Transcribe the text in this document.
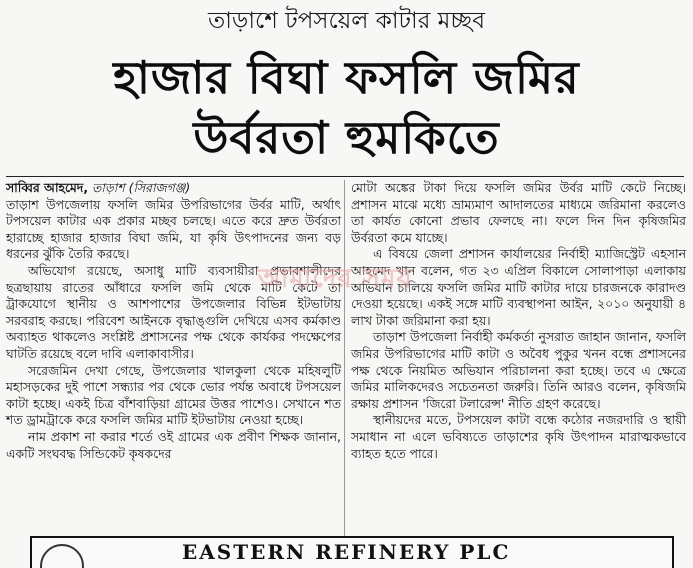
তাড়াশে টপসয়েল কাটার মচ্ছব
হাজার বিঘা ফসলি জমির
উর্বরতা হুমকিতে

সাব্বির আহমেদ, তাড়াশ (সিরাজগঞ্জ)
তাড়াশ উপজেলায় ফসলি জমির উপরিভাগের উর্বর মাটি, অর্থাৎ টপসয়েল কাটার এক প্রকার মচ্ছব চলছে। এতে করে দ্রুত উর্বরতা হারাচ্ছে হাজার হাজার বিঘা জমি, যা কৃষি উৎপাদনের জন্য বড় ধরনের ঝুঁকি তৈরি করছে।

অভিযোগ রয়েছে, অসাধু মাটি ব্যবসায়ীরা প্রভাবশালীদের ছত্রছায়ায় রাতের আঁধারে ফসলি জমি থেকে মাটি কেটে তা ট্রাকযোগে স্থানীয় ও আশপাশের উপজেলার বিভিন্ন ইটভাটায় সরবরাহ করছে। পরিবেশ আইনকে বৃদ্ধাঙ্গুলি দেখিয়ে এসব কর্মকাণ্ড অব্যাহত থাকলেও সংশ্লিষ্ট প্রশাসনের পক্ষ থেকে কার্যকর পদক্ষেপের ঘাটতি রয়েছে বলে দাবি এলাকাবাসীর।

সরেজমিন দেখা গেছে, উপজেলার খালকুলা থেকে মহিষলুটি মহাসড়কের দুই পাশে সন্ধ্যার পর থেকে ভোর পর্যন্ত অবাধে টপসয়েল কাটা হচ্ছে। একই চিত্র বাঁশবাড়িয়া গ্রামের উত্তর পাশেও। সেখানে শত শত ড্রামট্রাকে করে ফসলি জমির মাটি ইটভাটায় নেওয়া হচ্ছে।

নাম প্রকাশ না করার শর্তে ওই গ্রামের এক প্রবীণ শিক্ষক জানান, একটি সংঘবদ্ধ সিন্ডিকেট কৃষকদের

মোটা অঙ্কের টাকা দিয়ে ফসলি জমির উর্বর মাটি কেটে নিচ্ছে। প্রশাসন মাঝে মধ্যে ভ্রাম্যমাণ আদালতের মাধ্যমে জরিমানা করলেও তা কার্যত কোনো প্রভাব ফেলছে না। ফলে দিন দিন কৃষিজমির উর্বরতা কমে যাচ্ছে।

এ বিষয়ে জেলা প্রশাসন কার্যালয়ের নির্বাহী ম্যাজিস্ট্রেট এহসান আহমেদ খান বলেন, গত ২৩ এপ্রিল বিকালে সোলাপাড়া এলাকায় অভিযান চালিয়ে ফসলি জমির মাটি কাটার দায়ে চারজনকে কারাদণ্ড দেওয়া হয়েছে। একই সঙ্গে মাটি ব্যবস্থাপনা আইন, ২০১০ অনুযায়ী ৪ লাখ টাকা জরিমানা করা হয়।

তাড়াশ উপজেলা নির্বাহী কর্মকর্তা নুসরাত জাহান জানান, ফসলি জমির উপরিভাগের মাটি কাটা ও অবৈধ পুকুর খনন বন্ধে প্রশাসনের পক্ষ থেকে নিয়মিত অভিযান পরিচালনা করা হচ্ছে। তবে এ ক্ষেত্রে জমির মালিকদেরও সচেতনতা জরুরি। তিনি আরও বলেন, কৃষিজমি রক্ষায় প্রশাসন 'জিরো টলারেন্স' নীতি গ্রহণ করেছে।

স্থানীয়দের মতে, টপসয়েল কাটা বন্ধে কঠোর নজরদারি ও স্থায়ী সমাধান না এলে ভবিষ্যতে তাড়াশের কৃষি উৎপাদন মারাত্মকভাবে ব্যাহত হতে পারে।

আমাদের সময়
EASTERN REFINERY PLC
